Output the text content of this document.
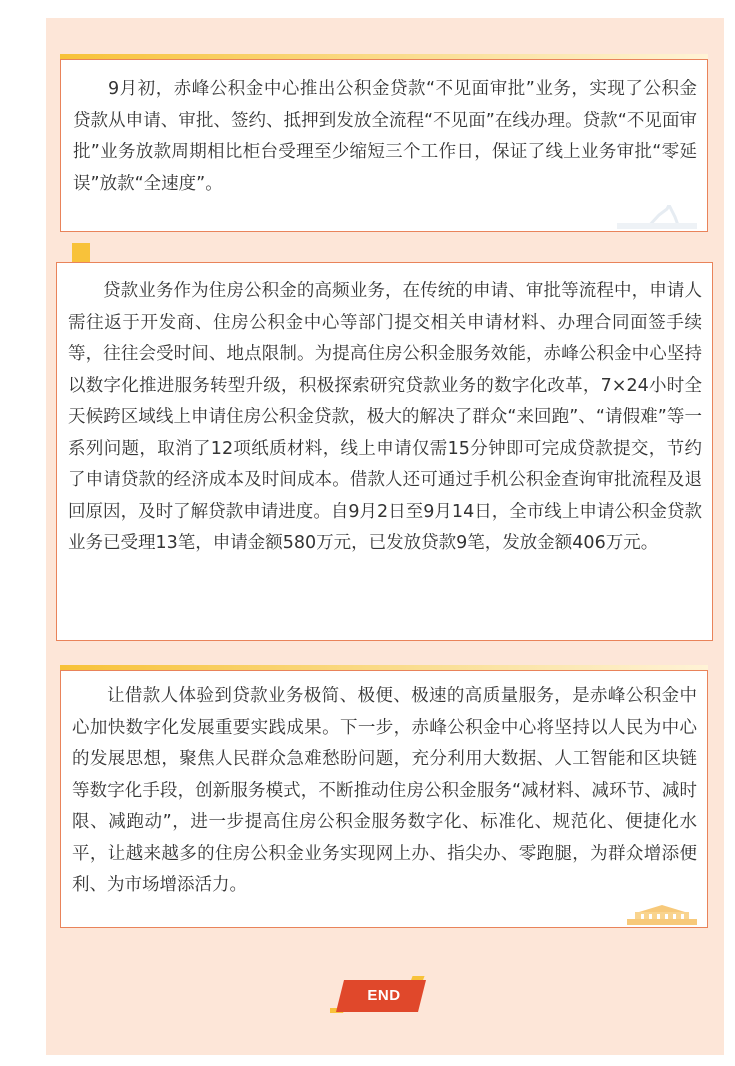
9月初，赤峰公积金中心推出公积金贷款“不见面审批”业务，实现了公积金贷款从申请、审批、签约、抵押到发放全流程“不见面”在线办理。贷款“不见面审批”业务放款周期相比柜台受理至少缩短三个工作日，保证了线上业务审批“零延误”放款“全速度”。

贷款业务作为住房公积金的高频业务，在传统的申请、审批等流程中，申请人需往返于开发商、住房公积金中心等部门提交相关申请材料、办理合同面签手续等，往往会受时间、地点限制。为提高住房公积金服务效能，赤峰公积金中心坚持以数字化推进服务转型升级，积极探索研究贷款业务的数字化改革，7×24小时全天候跨区域线上申请住房公积金贷款，极大的解决了群众“来回跑”、“请假难”等一系列问题，取消了12项纸质材料，线上申请仅需15分钟即可完成贷款提交，节约了申请贷款的经济成本及时间成本。借款人还可通过手机公积金查询审批流程及退回原因，及时了解贷款申请进度。自9月2日至9月14日，全市线上申请公积金贷款业务已受理13笔，申请金额580万元，已发放贷款9笔，发放金额406万元。

让借款人体验到贷款业务极简、极便、极速的高质量服务，是赤峰公积金中心加快数字化发展重要实践成果。下一步，赤峰公积金中心将坚持以人民为中心的发展思想，聚焦人民群众急难愁盼问题，充分利用大数据、人工智能和区块链等数字化手段，创新服务模式，不断推动住房公积金服务“减材料、减环节、减时限、减跑动”，进一步提高住房公积金服务数字化、标准化、规范化、便捷化水平，让越来越多的住房公积金业务实现网上办、指尖办、零跑腿，为群众增添便利、为市场增添活力。

END
